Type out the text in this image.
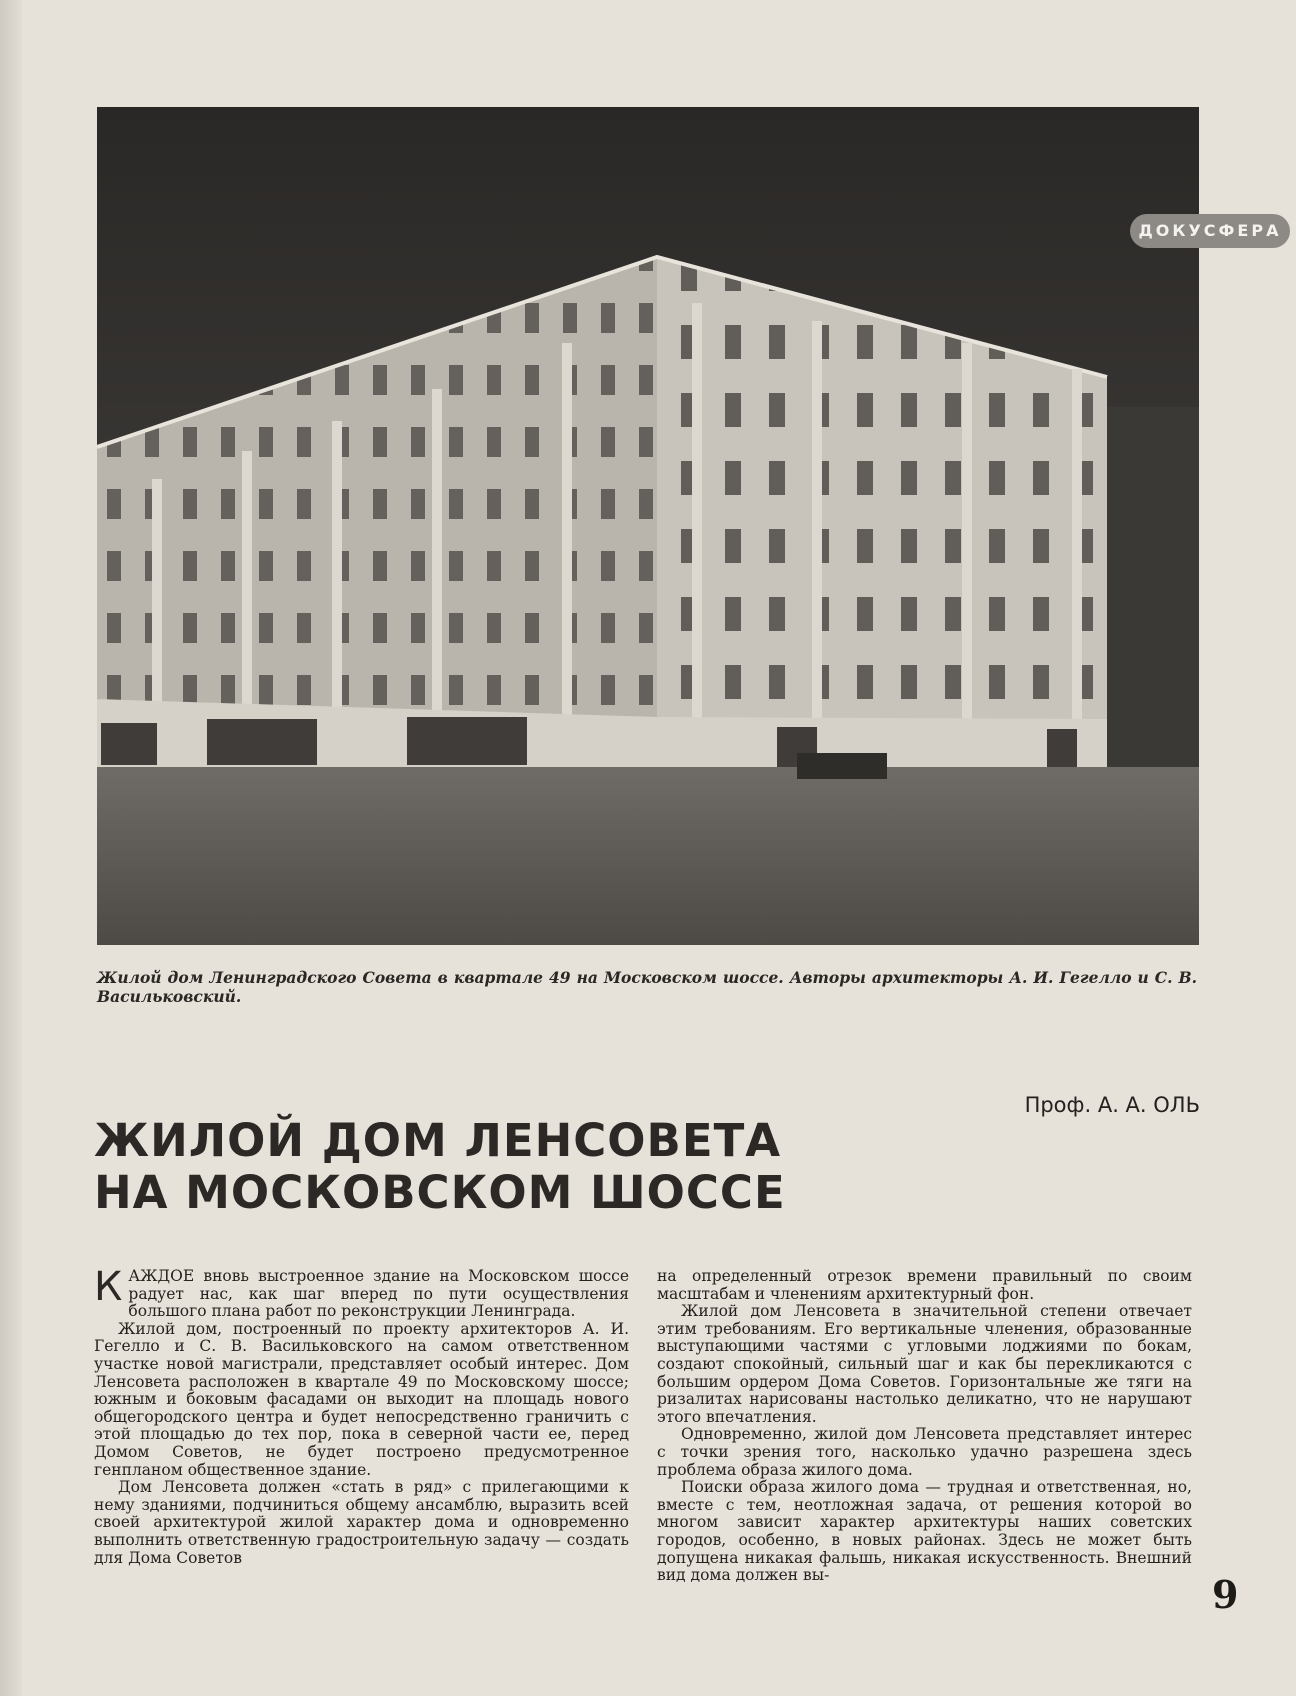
ДОКУСФЕРА
Жилой дом Ленинградского Совета в квартале 49 на Московском шоссе. Авторы архитекторы А. И. Гегелло и С. В. Васильковский.
Проф. А. А. ОЛЬ
ЖИЛОЙ ДОМ ЛЕНСОВЕТА
НА МОСКОВСКОМ ШОССЕ

КАЖДОЕ вновь выстроенное здание на Московском шоссе радует нас, как шаг вперед по пути осуществления большого плана работ по реконструкции Ленинграда.

Жилой дом, построенный по проекту архитекторов А. И. Гегелло и С. В. Васильковского на самом ответственном участке новой магистрали, представляет особый интерес. Дом Ленсовета расположен в квартале 49 по Московскому шоссе; южным и боковым фасадами он выходит на площадь нового общегородского центра и будет непосредственно граничить с этой площадью до тех пор, пока в северной части ее, перед Домом Советов, не будет построено предусмотренное генпланом общественное здание.

Дом Ленсовета должен «стать в ряд» с прилегающими к нему зданиями, подчиниться общему ансамблю, выразить всей своей архитектурой жилой характер дома и одновременно выполнить ответственную градостроительную задачу — создать для Дома Советов

на определенный отрезок времени правильный по своим масштабам и членениям архитектурный фон.

Жилой дом Ленсовета в значительной степени отвечает этим требованиям. Его вертикальные членения, образованные выступающими частями с угловыми лоджиями по бокам, создают спокойный, сильный шаг и как бы перекликаются с большим ордером Дома Советов. Горизонтальные же тяги на ризалитах нарисованы настолько деликатно, что не нарушают этого впечатления.

Одновременно, жилой дом Ленсовета представляет интерес с точки зрения того, насколько удачно разрешена здесь проблема образа жилого дома.

Поиски образа жилого дома — трудная и ответственная, но, вместе с тем, неотложная задача, от решения которой во многом зависит характер архитектуры наших советских городов, особенно, в новых районах. Здесь не может быть допущена никакая фальшь, никакая искусственность. Внешний вид дома должен вы-	9
